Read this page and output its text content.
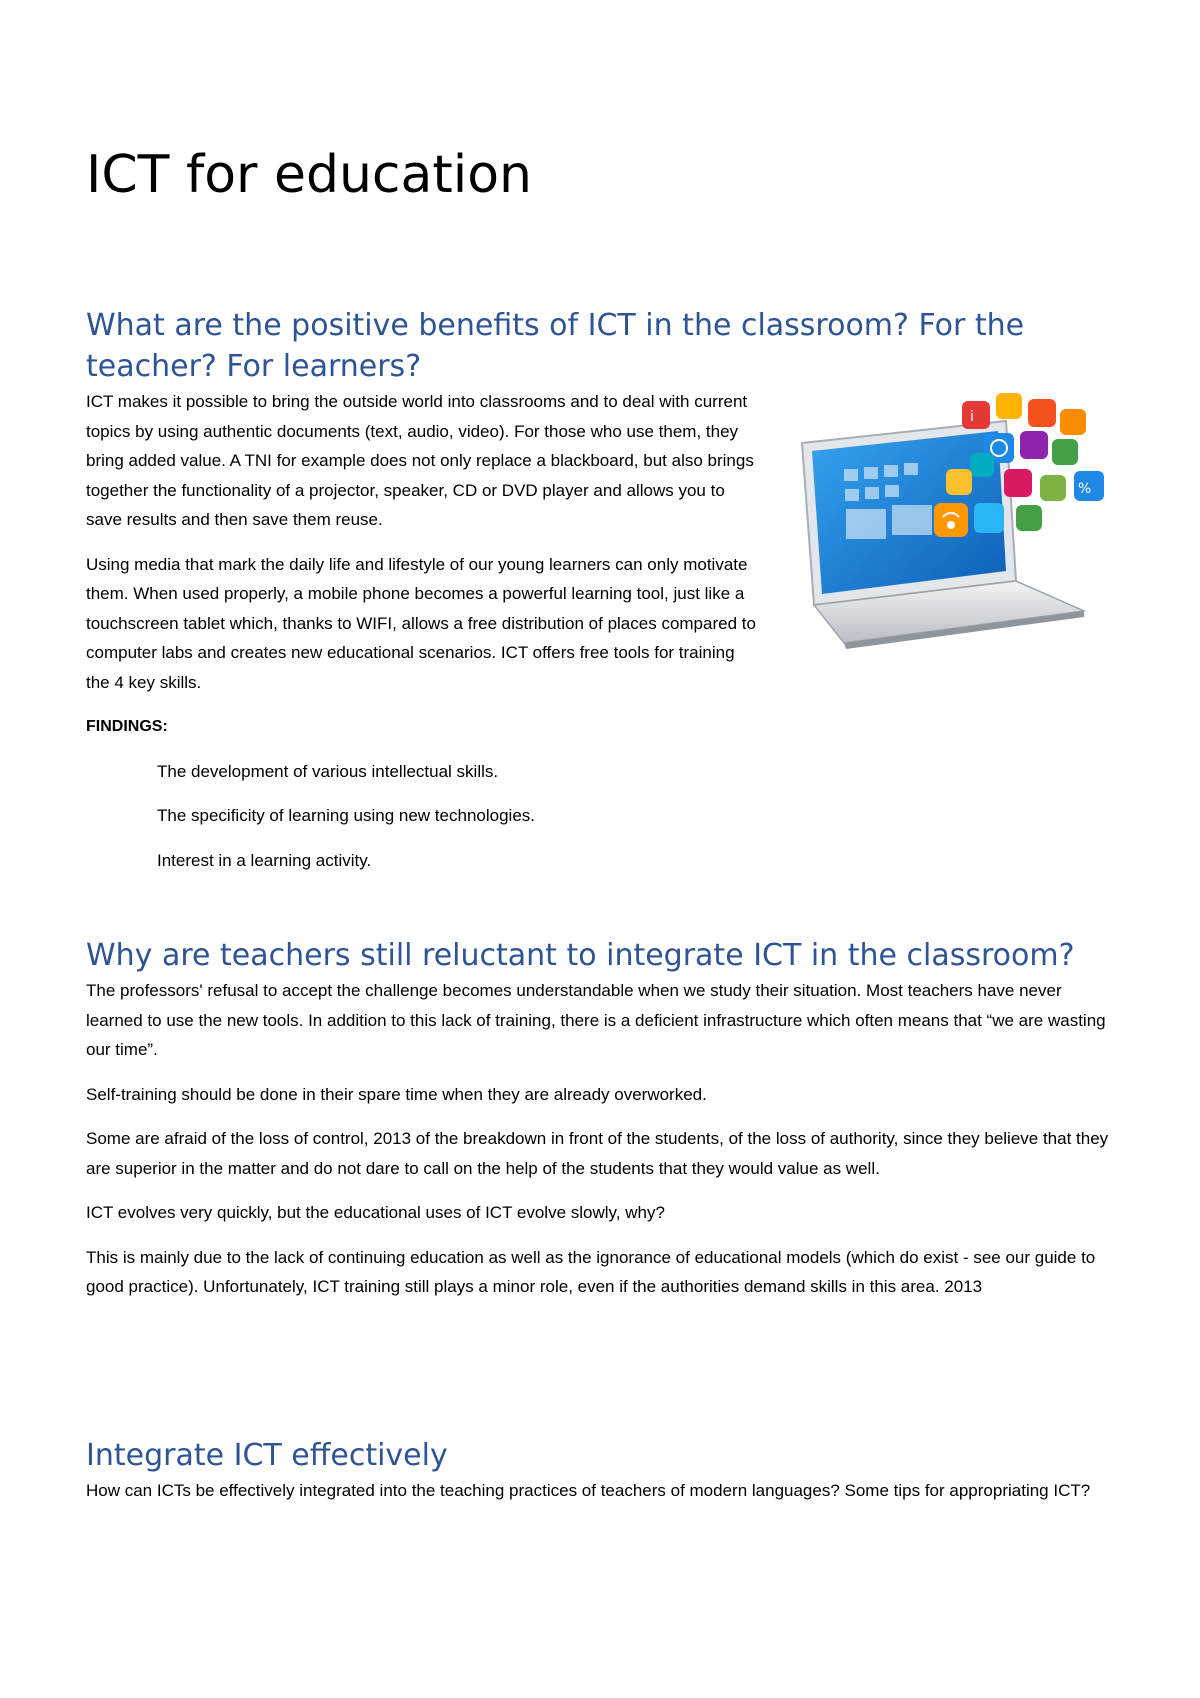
ICT for education
What are the positive benefits of ICT in the classroom? For the teacher? For learners?
i
%

ICT makes it possible to bring the outside world into classrooms and to deal with current topics by using authentic documents (text, audio, video). For those who use them, they bring added value. A TNI for example does not only replace a blackboard, but also brings together the functionality of a projector, speaker, CD or DVD player and allows you to save results and then save them reuse.

Using media that mark the daily life and lifestyle of our young learners can only motivate them. When used properly, a mobile phone becomes a powerful learning tool, just like a touchscreen tablet which, thanks to WIFI, allows a free distribution of places compared to computer labs and creates new educational scenarios. ICT offers free tools for training the 4 key skills.

FINDINGS:

The development of various intellectual skills.

The specificity of learning using new technologies.

Interest in a learning activity.

Why are teachers still reluctant to integrate ICT in the classroom?

The professors' refusal to accept the challenge becomes understandable when we study their situation. Most teachers have never learned to use the new tools. In addition to this lack of training, there is a deficient infrastructure which often means that “we are wasting our time”.

Self-training should be done in their spare time when they are already overworked.

Some are afraid of the loss of control, 2013 of the breakdown in front of the students, of the loss of authority, since they believe that they are superior in the matter and do not dare to call on the help of the students that they would value as well.

ICT evolves very quickly, but the educational uses of ICT evolve slowly, why?

This is mainly due to the lack of continuing education as well as the ignorance of educational models (which do exist - see our guide to good practice). Unfortunately, ICT training still plays a minor role, even if the authorities demand skills in this area. 2013

Integrate ICT effectively

How can ICTs be effectively integrated into the teaching practices of teachers of modern languages? Some tips for appropriating ICT?
